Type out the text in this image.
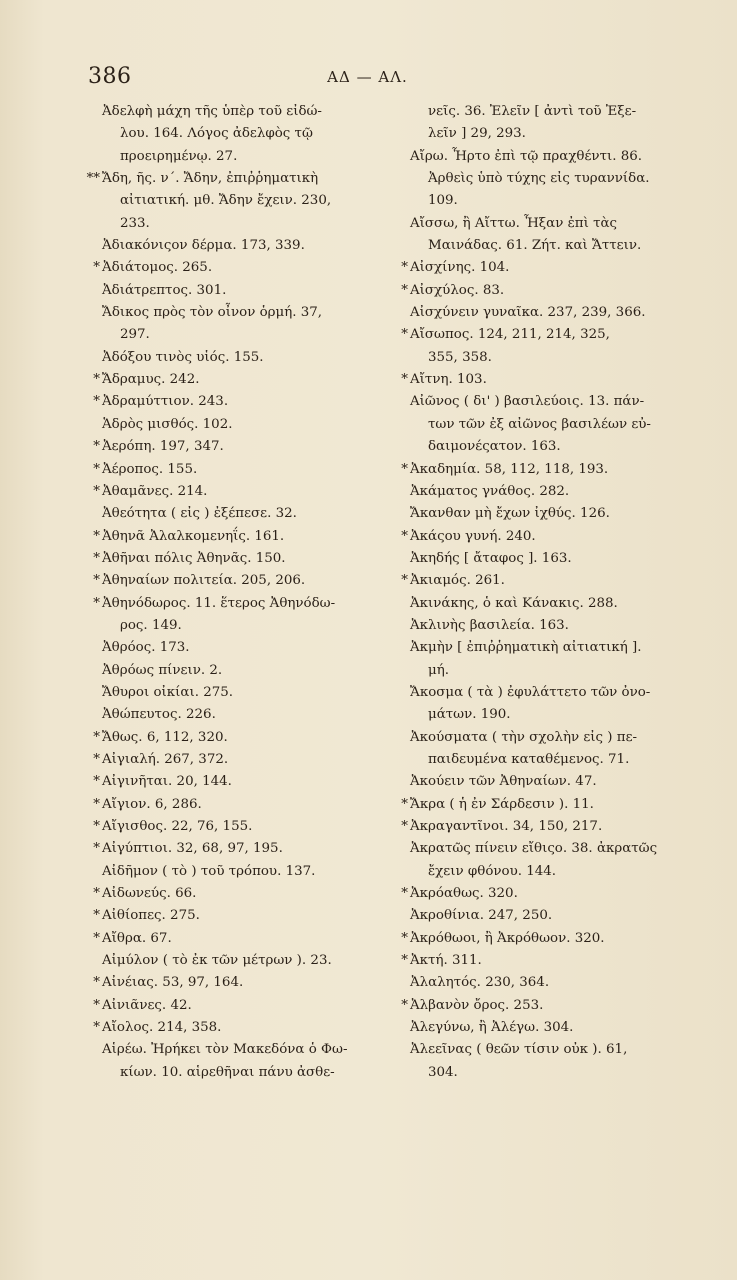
386	ΑΔ — ΑΛ.
Ἀδελφὴ μάχη τῆς ὑπὲρ τοῦ εἰδώ-
λου. 164. Λόγος ἀδελφὸς τῷ
προειρημένῳ. 27.
** Ἄδη, ῆς. ν΄. Ἄδην, ἐπιῤῥηματικὴ
αἰτιατική. μθ. Ἄδην ἔχειν. 230,
233.
Ἀδιακόνιςον δέρμα. 173, 339.
* Ἀδιάτομος. 265.
Ἀδιάτρεπτος. 301.
Ἄδικος πρὸς τὸν οἶνον ὁρμή. 37,
297.
Ἀδόξου τινὸς υἱός. 155.
* Ἄδραμυς. 242.
* Ἀδραμύττιον. 243.
Ἁδρὸς μισθός. 102.
* Ἀερόπη. 197, 347.
* Ἀέροπος. 155.
* Ἀθαμᾶνες. 214.
Ἀθεότητα ( εἰς ) ἐξέπεσε. 32.
* Ἀθηνᾶ Ἀλαλκομενηΐς. 161.
* Ἀθῆναι πόλις Ἀθηνᾶς. 150.
* Ἀθηναίων πολιτεία. 205, 206.
* Ἀθηνόδωρος. 11. ἕτερος Ἀθηνόδω-
ρος. 149.
Ἀθρόος. 173.
Ἀθρόως πίνειν. 2.
Ἄθυροι οἰκίαι. 275.
Ἀθώπευτος. 226.
* Ἄθως. 6, 112, 320.
* Αἰγιαλή. 267, 372.
* Αἰγινῆται. 20, 144.
* Αἴγιον. 6, 286.
* Αἴγισθος. 22, 76, 155.
* Αἰγύπτιοι. 32, 68, 97, 195.
Αἰδῆμον ( τὸ ) τοῦ τρόπου. 137.
* Αἰδωνεύς. 66.
* Αἰθίοπες. 275.
* Αἴθρα. 67.
Αἰμύλον ( τὸ ἐκ τῶν μέτρων ). 23.
* Αἰνέιας. 53, 97, 164.
* Αἰνιᾶνες. 42.
* Αἴολος. 214, 358.
Αἱρέω. Ἠρήκει τὸν Μακεδόνα ὁ Φω-
κίων. 10. αἱρεθῆναι πάνυ ἀσθε-
νεῖς. 36. Ἐλεῖν [ ἀντὶ τοῦ Ἐξε-
λεῖν ] 29, 293.
Αἴρω. Ἦρτο ἐπὶ τῷ πραχθέντι. 86.
Ἀρθεὶς ὑπὸ τύχης εἰς τυραννίδα.
109.
Αἴσσω, ἢ Αἴττω. Ἦξαν ἐπὶ τὰς
Μαινάδας. 61. Ζήτ. καὶ Ἄττειν.
* Αἰσχίνης. 104.
* Αἰσχύλος. 83.
Αἰσχύνειν γυναῖκα. 237, 239, 366.
* Αἴσωπος. 124, 211, 214, 325,
355, 358.
* Αἴτνη. 103.
Αἰῶνος ( δι' ) βασιλεύοις. 13. πάν-
των τῶν ἐξ αἰῶνος βασιλέων εὐ-
δαιμονέςατον. 163.
* Ἀκαδημία. 58, 112, 118, 193.
Ἀκάματος γνάθος. 282.
Ἄκανθαν μὴ ἔχων ἰχθύς. 126.
* Ἀκάςου γυνή. 240.
Ἀκηδής [ ἄταφος ]. 163.
* Ἀκιαμός. 261.
Ἀκινάκης, ὁ καὶ Κάνακις. 288.
Ἀκλινὴς βασιλεία. 163.
Ἀκμὴν [ ἐπιῤῥηματικὴ αἰτιατική ].
μή.
Ἄκοσμα ( τὰ ) ἐφυλάττετο τῶν ὀνο-
μάτων. 190.
Ἀκούσματα ( τὴν σχολὴν εἰς ) πε-
παιδευμένα καταθέμενος. 71.
Ἀκούειν τῶν Ἀθηναίων. 47.
* Ἄκρα ( ἡ ἐν Σάρδεσιν ). 11.
* Ἀκραγαντῖνοι. 34, 150, 217.
Ἀκρατῶς πίνειν εἴθιςο. 38. ἀκρατῶς
ἔχειν φθόνου. 144.
* Ἀκρόαθως. 320.
Ἀκροθίνια. 247, 250.
* Ἀκρόθωοι, ἢ Ἀκρόθωον. 320.
* Ἀκτή. 311.
Ἀλαλητός. 230, 364.
* Ἀλβανὸν ὄρος. 253.
Ἀλεγύνω, ἢ Ἀλέγω. 304.
Ἀλεεῖνας ( θεῶν τίσιν οὐκ ). 61,
304.
